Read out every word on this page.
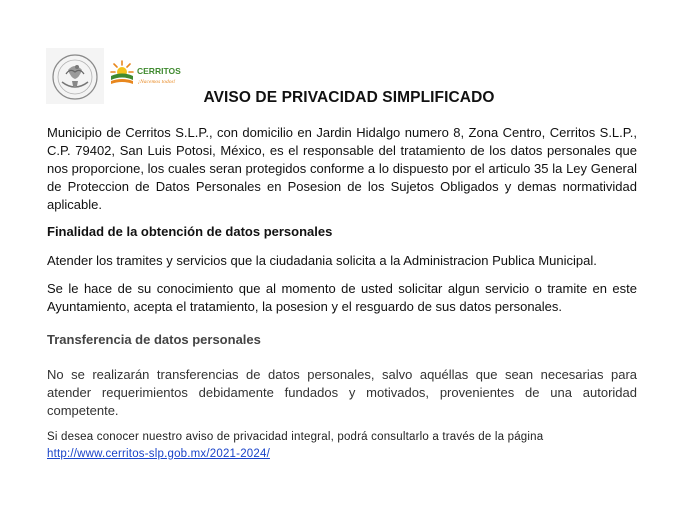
CERRITOS
¡Nacemos todos!
AVISO DE PRIVACIDAD SIMPLIFICADO
Municipio de Cerritos S.L.P., con domicilio en Jardin Hidalgo numero 8, Zona Centro, Cerritos S.L.P., C.P. 79402, San Luis Potosi, México, es el responsable del tratamiento de los datos personales que nos proporcione, los cuales seran protegidos conforme a lo dispuesto por el articulo 35 la Ley General de Proteccion de Datos Personales en Posesion de los Sujetos Obligados y demas normatividad aplicable.
Finalidad de la obtención de datos personales
Atender los tramites y servicios que la ciudadania solicita a la Administracion Publica Municipal.
Se le hace de su conocimiento que al momento de usted solicitar algun servicio o tramite en este Ayuntamiento, acepta el tratamiento, la posesion y el resguardo de sus datos personales.
Transferencia de datos personales
No se realizarán transferencias de datos personales, salvo aquéllas que sean necesarias para atender requerimientos debidamente fundados y motivados, provenientes de una autoridad competente.
Si desea conocer nuestro aviso de privacidad integral, podrá consultarlo a través de la página
http://www.cerritos-slp.gob.mx/2021-2024/
